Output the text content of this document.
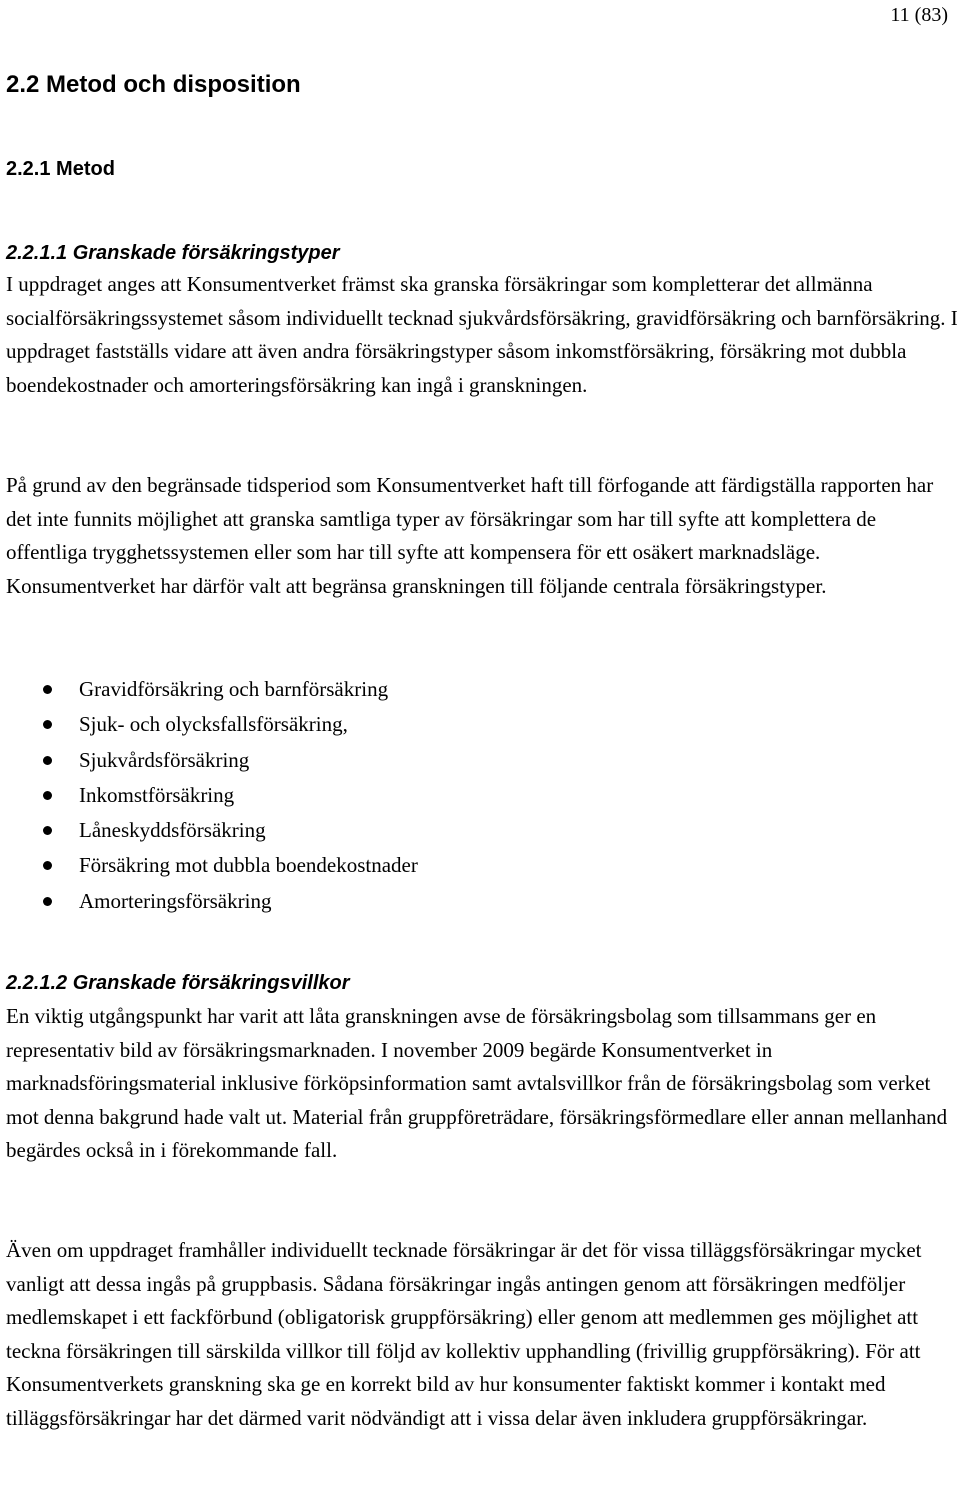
11 (83)
2.2 Metod och disposition
2.2.1 Metod
2.2.1.1 Granskade försäkringstyper

I uppdraget anges att Konsumentverket främst ska granska försäkringar som kompletterar det allmänna socialförsäkringssystemet såsom individuellt tecknad sjukvårdsförsäkring, gravidförsäkring och barnförsäkring. I uppdraget fastställs vidare att även andra försäkringstyper såsom inkomstförsäkring, försäkring mot dubbla boendekostnader och amorteringsförsäkring kan ingå i granskningen.

På grund av den begränsade tidsperiod som Konsumentverket haft till förfogande att färdigställa rapporten har det inte funnits möjlighet att granska samtliga typer av försäkringar som har till syfte att komplettera de offentliga trygghetssystemen eller som har till syfte att kompensera för ett osäkert marknadsläge. Konsumentverket har därför valt att begränsa granskningen till följande centrala försäkringstyper.

Gravidförsäkring och barnförsäkring
Sjuk- och olycksfallsförsäkring,
Sjukvårdsförsäkring
Inkomstförsäkring
Låneskyddsförsäkring
Försäkring mot dubbla boendekostnader
Amorteringsförsäkring
2.2.1.2 Granskade försäkringsvillkor

En viktig utgångspunkt har varit att låta granskningen avse de försäkringsbolag som tillsammans ger en representativ bild av försäkringsmarknaden. I november 2009 begärde Konsumentverket in marknadsföringsmaterial inklusive förköpsinformation samt avtalsvillkor från de försäkringsbolag som verket mot denna bakgrund hade valt ut. Material från gruppföreträdare, försäkringsförmedlare eller annan mellanhand begärdes också in i förekommande fall.

Även om uppdraget framhåller individuellt tecknade försäkringar är det för vissa tilläggsförsäkringar mycket vanligt att dessa ingås på gruppbasis. Sådana försäkringar ingås antingen genom att försäkringen medföljer medlemskapet i ett fackförbund (obligatorisk gruppförsäkring) eller genom att medlemmen ges möjlighet att teckna försäkringen till särskilda villkor till följd av kollektiv upphandling (frivillig gruppförsäkring). För att Konsumentverkets granskning ska ge en korrekt bild av hur konsumenter faktiskt kommer i kontakt med tilläggsförsäkringar har det därmed varit nödvändigt att i vissa delar även inkludera gruppförsäkringar.
